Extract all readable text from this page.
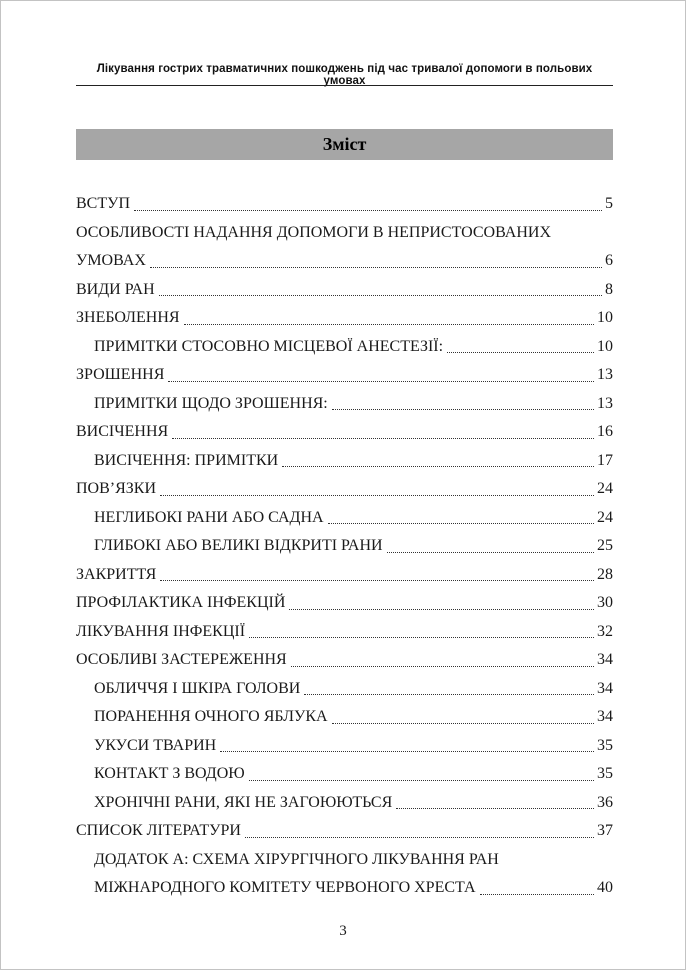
Лікування гострих травматичних пошкоджень під час тривалої допомоги в польових умовах
Зміст
ВСТУП	5
ОСОБЛИВОСТІ НАДАННЯ ДОПОМОГИ В НЕПРИСТОСОВАНИХ
УМОВАХ	6
ВИДИ РАН	8
ЗНЕБОЛЕННЯ	10
ПРИМІТКИ СТОСОВНО МІСЦЕВОЇ АНЕСТЕЗІЇ:	10
ЗРОШЕННЯ	13
ПРИМІТКИ ЩОДО ЗРОШЕННЯ:	13
ВИСІЧЕННЯ	16
ВИСІЧЕННЯ: ПРИМІТКИ	17
ПОВ’ЯЗКИ	24
НЕГЛИБОКІ РАНИ АБО САДНА	24
ГЛИБОКІ АБО ВЕЛИКІ ВІДКРИТІ РАНИ	25
ЗАКРИТТЯ	28
ПРОФІЛАКТИКА ІНФЕКЦІЙ	30
ЛІКУВАННЯ ІНФЕКЦІЇ	32
ОСОБЛИВІ ЗАСТЕРЕЖЕННЯ	34
ОБЛИЧЧЯ І ШКІРА ГОЛОВИ	34
ПОРАНЕННЯ ОЧНОГО ЯБЛУКА	34
УКУСИ ТВАРИН	35
КОНТАКТ З ВОДОЮ	35
ХРОНІЧНІ РАНИ, ЯКІ НЕ ЗАГОЮЮТЬСЯ	36
СПИСОК ЛІТЕРАТУРИ	37
ДОДАТОК А: СХЕМА ХІРУРГІЧНОГО ЛІКУВАННЯ РАН
МІЖНАРОДНОГО КОМІТЕТУ ЧЕРВОНОГО ХРЕСТА	40
3
